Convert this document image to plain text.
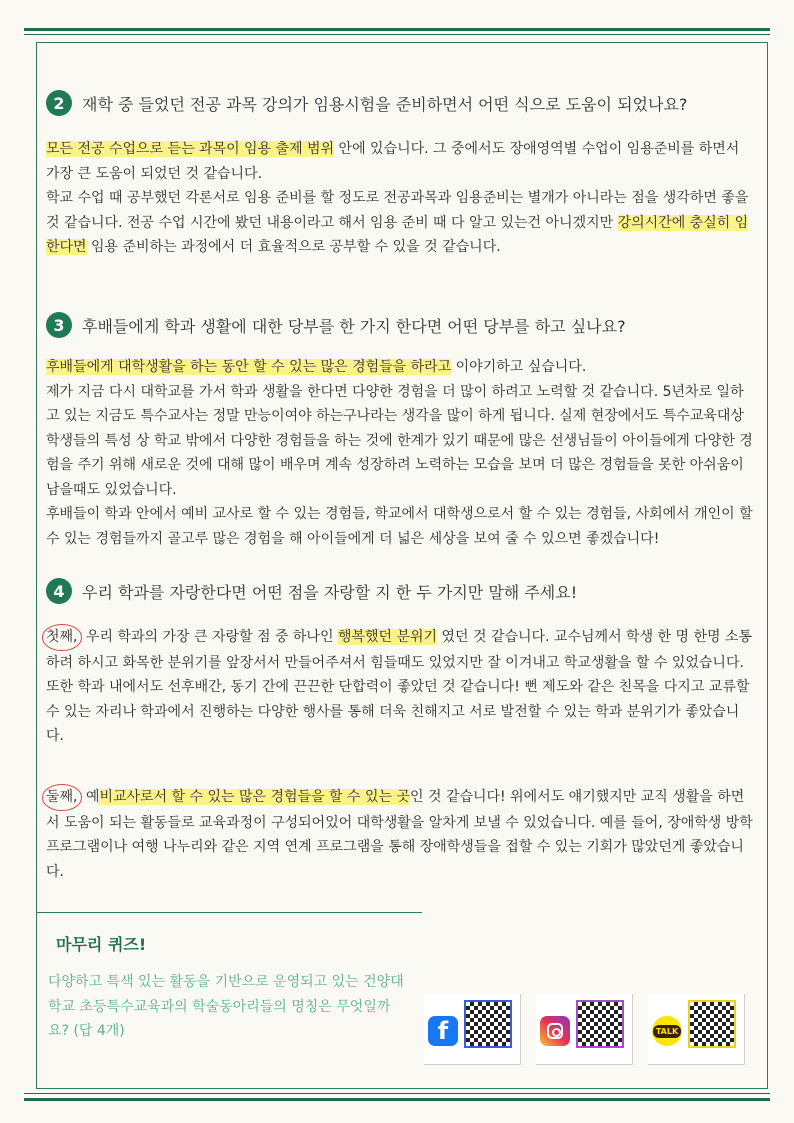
2	재학 중 들었던 전공 과목 강의가 임용시험을 준비하면서 어떤 식으로 도움이 되었나요?

모든 전공 수업으로 듣는 과목이 임용 출제 범위 안에 있습니다. 그 중에서도 장애영역별 수업이 임용준비를 하면서 가장 큰 도움이 되었던 것 같습니다.

학교 수업 때 공부했던 각론서로 임용 준비를 할 정도로 전공과목과 임용준비는 별개가 아니라는 점을 생각하면 좋을 것 같습니다. 전공 수업 시간에 봤던 내용이라고 해서 임용 준비 때 다 알고 있는건 아니겠지만 강의시간에 충실히 임한다면 임용 준비하는 과정에서 더 효율적으로 공부할 수 있을 것 같습니다.

3	후배들에게 학과 생활에 대한 당부를 한 가지 한다면 어떤 당부를 하고 싶나요?

후배들에게 대학생활을 하는 동안 할 수 있는 많은 경험들을 하라고 이야기하고 싶습니다.

제가 지금 다시 대학교를 가서 학과 생활을 한다면 다양한 경험을 더 많이 하려고 노력할 것 같습니다. 5년차로 일하고 있는 지금도 특수교사는 정말 만능이여야 하는구나라는 생각을 많이 하게 됩니다. 실제 현장에서도 특수교육대상학생들의 특성 상 학교 밖에서 다양한 경험들을 하는 것에 한계가 있기 때문에 많은 선생님들이 아이들에게 다양한 경험을 주기 위해 새로운 것에 대해 많이 배우며 계속 성장하려 노력하는 모습을 보며 더 많은 경험들을 못한 아쉬움이 남을때도 있었습니다.

후배들이 학과 안에서 예비 교사로 할 수 있는 경험들, 학교에서 대학생으로서 할 수 있는 경험들, 사회에서 개인이 할 수 있는 경험들까지 골고루 많은 경험을 해 아이들에게 더 넓은 세상을 보여 줄 수 있으면 좋겠습니다!

4	우리 학과를 자랑한다면 어떤 점을 자랑할 지 한 두 가지만 말해 주세요!

첫째, 우리 학과의 가장 큰 자랑할 점 중 하나인 행복했던 분위기 였던 것 같습니다. 교수님께서 학생 한 명 한명 소통하려 하시고 화목한 분위기를 앞장서서 만들어주셔서 힘들때도 있었지만 잘 이겨내고 학교생활을 할 수 있었습니다. 또한 학과 내에서도 선후배간, 동기 간에 끈끈한 단합력이 좋았던 것 같습니다! 뻔 제도와 같은 친목을 다지고 교류할 수 있는 자리나 학과에서 진행하는 다양한 행사를 통해 더욱 친해지고 서로 발전할 수 있는 학과 분위기가 좋았습니다.

둘째, 예비교사로서 할 수 있는 많은 경험들을 할 수 있는 곳인 것 같습니다! 위에서도 얘기했지만 교직 생활을 하면서 도움이 되는 활동들로 교육과정이 구성되어있어 대학생활을 알차게 보낼 수 있었습니다. 예를 들어, 장애학생 방학프로그램이나 여행 나누리와 같은 지역 연계 프로그램을 통해 장애학생들을 접할 수 있는 기회가 많았던게 좋았습니다.

마무리 퀴즈!

다양하고 특색 있는 활동을 기반으로 운영되고 있는 건양대학교 초등특수교육과의 학술동아리들의 명칭은 무엇일까요? (답 4개)	f	TALK
